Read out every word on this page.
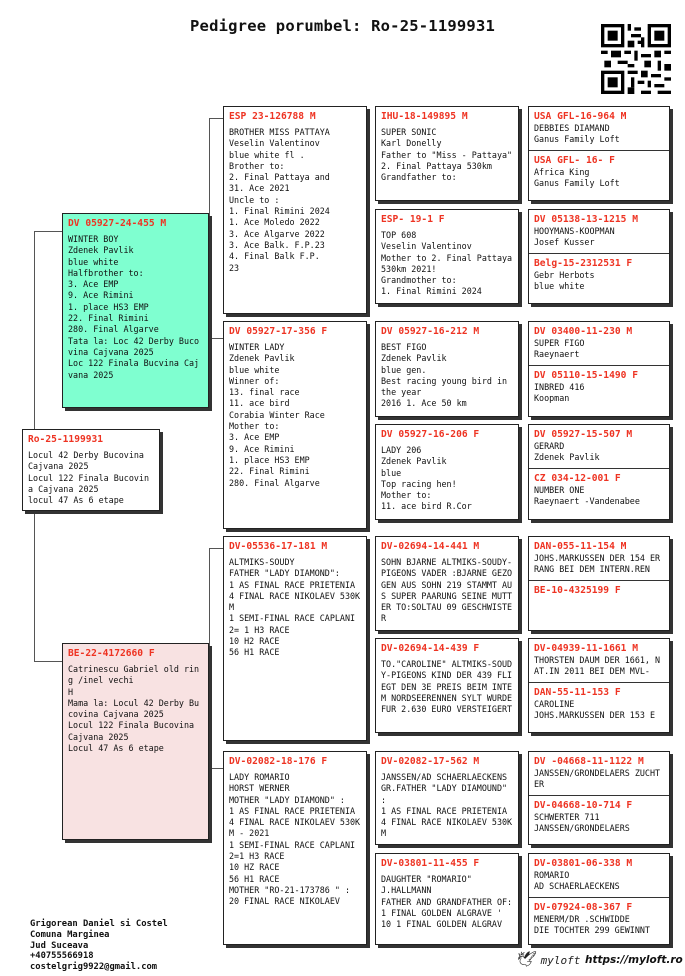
Pedigree porumbel: Ro-25-1199931
Ro-25-1199931
Locul 42 Derby Bucovina Cajvana 2025
Locul 122 Finala Bucovina Cajvana 2025
locul 47 As 6 etape
DV 05927-24-455 M
WINTER BOY
Zdenek Pavlik
blue white
Halfbrother to:
3. Ace EMP
9. Ace Rimini
1. place HS3 EMP
22. Final Rimini
280. Final Algarve
Tata la: Loc 42 Derby Bucovina Cajvana 2025
Loc 122 Finala Bucvina Cajvana 2025
BE-22-4172660 F
Catrinescu Gabriel old ring /inel vechi
H
Mama la: Locul 42 Derby Bucovina Cajvana 2025
Locul 122 Finala Bucovina Cajvana 2025
Locul 47 As 6 etape
ESP 23-126788 M
BROTHER MISS PATTAYA
Veselin Valentinov
blue white fl .
Brother to:
2. Final Pattaya and
31. Ace 2021
Uncle to :
1. Final Rimini 2024
1. Ace Moledo 2022
3. Ace Algarve 2022
3. Ace Balk. F.P.23
4. Final Balk F.P.
23
DV 05927-17-356 F
WINTER LADY
Zdenek Pavlik
blue white
Winner of:
13. final race
11. ace bird
Corabia Winter Race
Mother to:
3. Ace EMP
9. Ace Rimini
1. place HS3 EMP
22. Final Rimini
280. Final Algarve
DV-05536-17-181 M
ALTMIKS-SOUDY
FATHER "LADY DIAMOND":
1 AS FINAL RACE PRIETENIA
4 FINAL RACE NIKOLAEV 530KM
1 SEMI-FINAL RACE CAPLANI
2= 1 H3 RACE
10 H2 RACE
56 H1 RACE
DV-02082-18-176 F
LADY ROMARIO
HORST WERNER
MOTHER "LADY DIAMOND" :
1 AS FINAL RACE PRIETENIA
4 FINAL RACE NIKOLAEV 530KM - 2021
1 SEMI-FINAL RACE CAPLANI
2=1 H3 RACE
10 HZ RACE
56 H1 RACE
MOTHER "RO-21-173786 " :
20 FINAL RACE NIKOLAEV
IHU-18-149895 M
SUPER SONIC
Karl Donelly
Father to "Miss - Pattaya" 2. Final Pattaya 530km
Grandfather to:
ESP- 19-1 F
TOP 608
Veselin Valentinov
Mother to 2. Final Pattaya 530km 2021!
Grandmother to:
1. Final Rimini 2024
DV 05927-16-212 M
BEST FIGO
Zdenek Pavlik
blue gen.
Best racing young bird in the year
2016 1. Ace 50 km
DV 05927-16-206 F
LADY 206
Zdenek Pavlik
blue
Top racing hen!
Mother to:
11. ace bird R.Cor
DV-02694-14-441 M
SOHN BJARNE ALTMIKS-SOUDY-PIGEONS VADER :BJARNE GEZOGEN AUS SOHN 219 STAMMT AUS SUPER PAARUNG SEINE MUTTER TO:SOLTAU 09 GESCHWISTER
DV-02694-14-439 F
TO."CAROLINE" ALTMIKS-SOUDY-PIGEONS KIND DER 439 FLIEGT DEN 3E PREIS BEIM INTEM NORDSEERENNEN SYLT WURDE FUR 2.630 EURO VERSTEIGERT
DV-02082-17-562 M
JANSSEN/AD SCHAERLAECKENS GR.FATHER "LADY DIAMOUND" :
1 AS FINAL RACE PRIETENIA 4 FINAL RACE NIKOLAEV 530KM
DV-03801-11-455 F
DAUGHTER "ROMARIO"
J.HALLMANN
FATHER AND GRANDFATHER OF:
1 FINAL GOLDEN ALGRAVE '
10 1 FINAL GOLDEN ALGRAV
USA GFL-16-964 M
DEBBIES DIAMAND
Ganus Family Loft
USA GFL- 16- F
Africa King
Ganus Family Loft
DV 05138-13-1215 M
HOOYMANS-KOOPMAN
Josef Kusser
Belg-15-2312531 F
Gebr Herbots
blue white
DV 03400-11-230 M
SUPER FIGO
Raeynaert
DV 05110-15-1490 F
INBRED 416
Koopman
DV 05927-15-507 M
GERARD
Zdenek Pavlik
CZ 034-12-001 F
NUMBER ONE
Raeynaert -Vandenabee
DAN-055-11-154 M
JOHS.MARKUSSEN DER 154 ERRANG BEI DEM INTERN.REN
BE-10-4325199 F
DV-04939-11-1661 M
THORSTEN DAUM DER 1661, NAT.IN 2011 BEI DEM MVL-
DAN-55-11-153 F
CAROLINE
JOHS.MARKUSSEN DER 153 E
DV -04668-11-1122 M
JANSSEN/GRONDELAERS ZUCHTER
DV-04668-10-714 F
SCHWERTER 711
JANSSEN/GRONDELAERS
DV-03801-06-338 M
ROMARIO
AD SCHAERLAECKENS
DV-07924-08-367 F
MENERM/DR .SCHWIDDE
DIE TOCHTER 299 GEWINNT
Grigorean Daniel si Costel
Comuna Marginea
Jud Suceava
+40755566918
costelgrig9922@gmail.com	🕊 myloft https://myloft.ro
